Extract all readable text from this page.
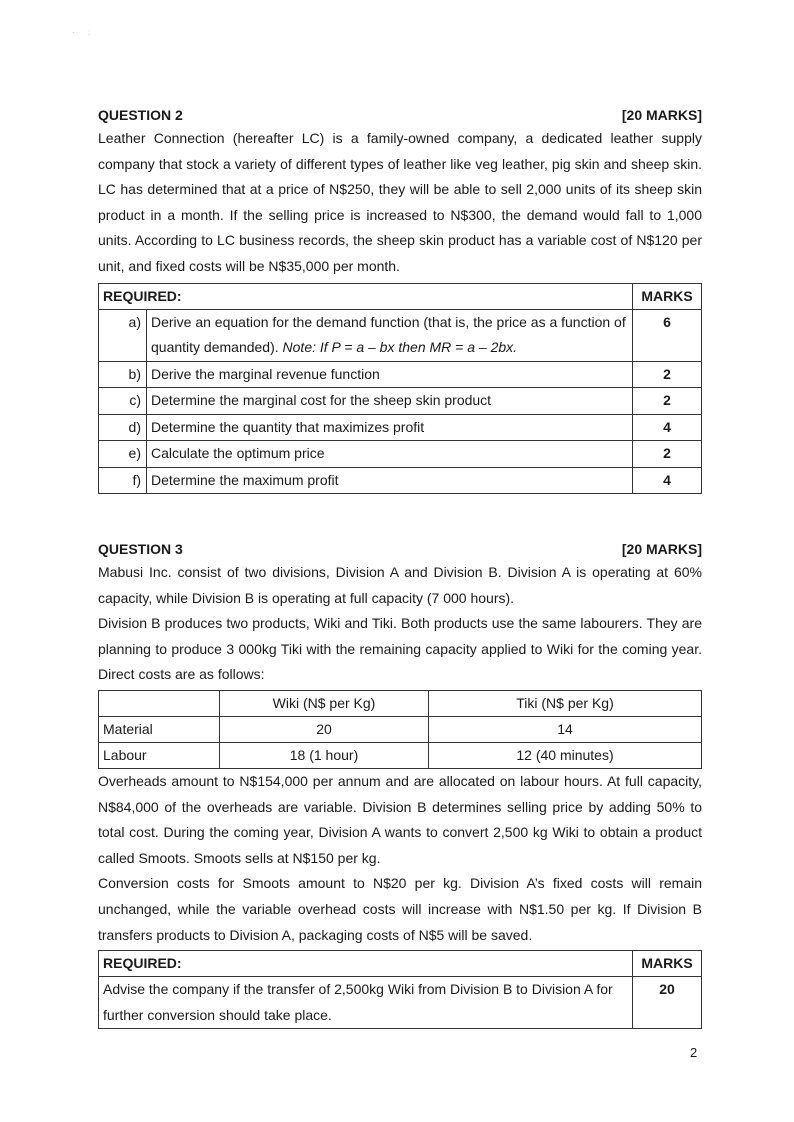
·      :
QUESTION 2	[20 MARKS]

Leather Connection (hereafter LC) is a family-owned company, a dedicated leather supply company that stock a variety of different types of leather like veg leather, pig skin and sheep skin. LC has determined that at a price of N$250, they will be able to sell 2,000 units of its sheep skin product in a month. If the selling price is increased to N$300, the demand would fall to 1,000 units. According to LC business records, the sheep skin product has a variable cost of N$120 per unit, and fixed costs will be N$35,000 per month.

REQUIRED:		MARKS
a)	Derive an equation for the demand function (that is, the price as a function of quantity demanded). Note: If P = a – bx then MR = a – 2bx.	6
b)	Derive the marginal revenue function	2
c)	Determine the marginal cost for the sheep skin product	2
d)	Determine the quantity that maximizes profit	4
e)	Calculate the optimum price	2
f)	Determine the maximum profit	4
QUESTION 3	[20 MARKS]

Mabusi Inc. consist of two divisions, Division A and Division B. Division A is operating at 60% capacity, while Division B is operating at full capacity (7 000 hours).

Division B produces two products, Wiki and Tiki. Both products use the same labourers. They are planning to produce 3 000kg Tiki with the remaining capacity applied to Wiki for the coming year. Direct costs are as follows:

	Wiki (N$ per Kg)	Tiki (N$ per Kg)
Material	20	14
Labour	18 (1 hour)	12 (40 minutes)

Overheads amount to N$154,000 per annum and are allocated on labour hours. At full capacity, N$84,000 of the overheads are variable. Division B determines selling price by adding 50% to total cost. During the coming year, Division A wants to convert 2,500 kg Wiki to obtain a product called Smoots. Smoots sells at N$150 per kg.

Conversion costs for Smoots amount to N$20 per kg. Division A’s fixed costs will remain unchanged, while the variable overhead costs will increase with N$1.50 per kg. If Division B transfers products to Division A, packaging costs of N$5 will be saved.

REQUIRED:	MARKS
Advise the company if the transfer of 2,500kg Wiki from Division B to Division A for further conversion should take place.	20
2
